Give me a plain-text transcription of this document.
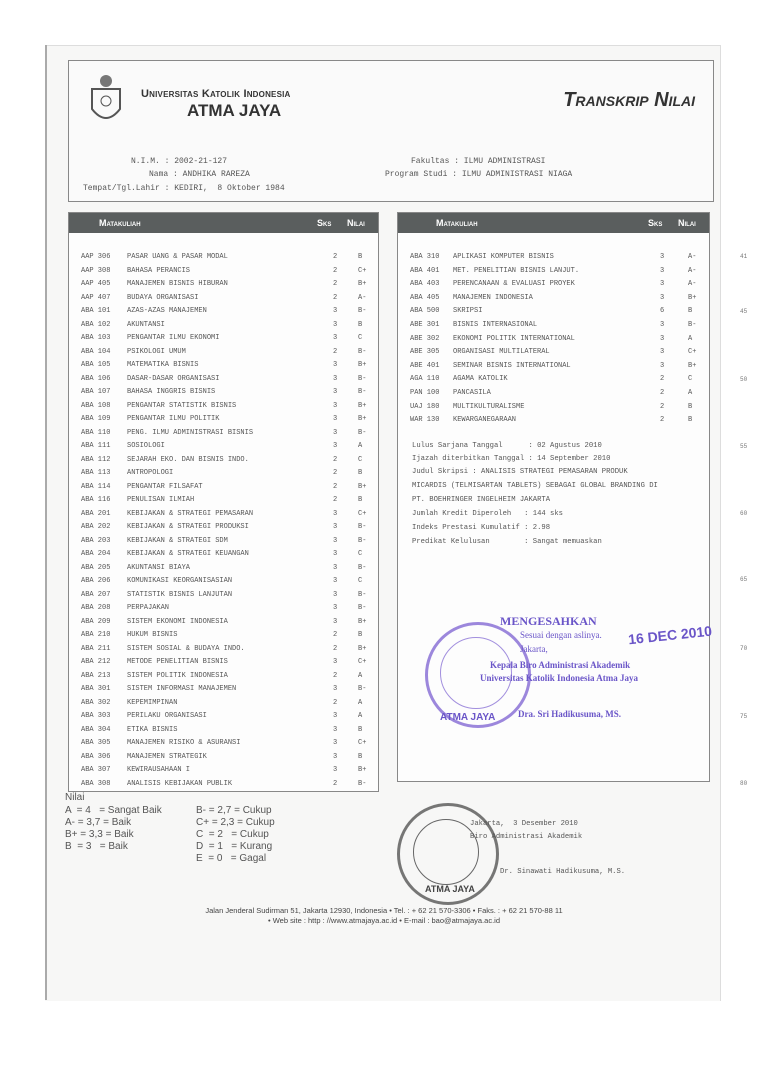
Universitas Katolik Indonesia
ATMA JAYA	Transkrip Nilai
N.I.M. : 2002-21-127
Nama : ANDHIKA RAREZA
Tempat/Tgl.Lahir : KEDIRI,  8 Oktober 1984
Fakultas : ILMU ADMINISTRASI
Program Studi : ILMU ADMINISTRASI NIAGA
Matakuliah	Sks Nilai
AAP 306 PASAR UANG & PASAR MODAL	2	B
AAP 308 BAHASA PERANCIS	2	C+
AAP 405 MANAJEMEN BISNIS HIBURAN	2	B+
AAP 407 BUDAYA ORGANISASI	2	A-
ABA 101 AZAS-AZAS MANAJEMEN	3	B-
ABA 102 AKUNTANSI	3	B
ABA 103 PENGANTAR ILMU EKONOMI	3	C
ABA 104 PSIKOLOGI UMUM	2	B-
ABA 105 MATEMATIKA BISNIS	3	B+
ABA 106 DASAR-DASAR ORGANISASI	3	B-
ABA 107 BAHASA INGGRIS BISNIS	3	B-
ABA 108 PENGANTAR STATISTIK BISNIS	3	B+
ABA 109 PENGANTAR ILMU POLITIK	3	B+
ABA 110 PENG. ILMU ADMINISTRASI BISNIS	3	B-
ABA 111 SOSIOLOGI	3	A
ABA 112 SEJARAH EKO. DAN BISNIS INDO.	2	C
ABA 113 ANTROPOLOGI	2	B
ABA 114 PENGANTAR FILSAFAT	2	B+
ABA 116 PENULISAN ILMIAH	2	B
ABA 201 KEBIJAKAN & STRATEGI PEMASARAN	3	C+
ABA 202 KEBIJAKAN & STRATEGI PRODUKSI	3	B-
ABA 203 KEBIJAKAN & STRATEGI SDM	3	B-
ABA 204 KEBIJAKAN & STRATEGI KEUANGAN	3	C
ABA 205 AKUNTANSI BIAYA	3	B-
ABA 206 KOMUNIKASI KEORGANISASIAN	3	C
ABA 207 STATISTIK BISNIS LANJUTAN	3	B-
ABA 208 PERPAJAKAN	3	B-
ABA 209 SISTEM EKONOMI INDONESIA	3	B+
ABA 210 HUKUM BISNIS	2	B
ABA 211 SISTEM SOSIAL & BUDAYA INDO.	2	B+
ABA 212 METODE PENELITIAN BISNIS	3	C+
ABA 213 SISTEM POLITIK INDONESIA	2	A
ABA 301 SISTEM INFORMASI MANAJEMEN	3	B-
ABA 302 KEPEMIMPINAN	2	A
ABA 303 PERILAKU ORGANISASI	3	A
ABA 304 ETIKA BISNIS	3	B
ABA 305 MANAJEMEN RISIKO & ASURANSI	3	C+
ABA 306 MANAJEMEN STRATEGIK	3	B
ABA 307 KEWIRAUSAHAAN I	3	B+
ABA 308 ANALISIS KEBIJAKAN PUBLIK	2	B-
Matakuliah	Sks Nilai
ABA 310 APLIKASI KOMPUTER BISNIS	3	A-
ABA 401 MET. PENELITIAN BISNIS LANJUT.	3	A-
ABA 403 PERENCANAAN & EVALUASI PROYEK	3	A-
ABA 405 MANAJEMEN INDONESIA	3	B+
ABA 500 SKRIPSI	6	B
ABE 301 BISNIS INTERNASIONAL	3	B-
ABE 302 EKONOMI POLITIK INTERNATIONAL	3	A
ABE 305 ORGANISASI MULTILATERAL	3	C+
ABE 401 SEMINAR BISNIS INTERNATIONAL	3	B+
AGA 110 AGAMA KATOLIK	2	C
PAN 100 PANCASILA	2	A
UAJ 180 MULTIKULTURALISME	2	B
WAR 130 KEWARGANEGARAAN	2	B
MENGESAHKAN
Sesuai dengan aslinya.
Jakarta,
16 DEC 2010
Kepala Biro Administrasi Akademik
Universitas Katolik Indonesia Atma Jaya
Dra. Sri Hadikusuma, MS.
ATMA JAYA
Nilai
ATMA JAYA
Jakarta,  3 Desember 2010
Biro Administrasi Akademik
Dr. Sinawati Hadikusuma, M.S.
Jalan Jenderal Sudirman 51, Jakarta 12930, Indonesia • Tel. : + 62 21 570-3306 • Faks. : + 62 21 570-88 11
• Web site : http : //www.atmajaya.ac.id • E-mail : bao@atmajaya.ac.id
Lulus Sarjana Tanggal      : 02 Agustus 2010
Ijazah diterbitkan Tanggal : 14 September 2010
Judul Skripsi : ANALISIS STRATEGI PEMASARAN PRODUK
MICARDIS (TELMISARTAN TABLETS) SEBAGAI GLOBAL BRANDING DI
PT. BOEHRINGER INGELHEIM JAKARTA
Jumlah Kredit Diperoleh   : 144 sks
Indeks Prestasi Kumulatif : 2.98
Predikat Kelulusan        : Sangat memuaskan
41
45
50
55
60
65
70
75
80
A  = 4   = Sangat Baik
A- = 3,7 = Baik
B+ = 3,3 = Baik
B  = 3   = Baik
B- = 2,7 = Cukup
C+ = 2,3 = Cukup
C  = 2   = Cukup
D  = 1   = Kurang
E  = 0   = Gagal
